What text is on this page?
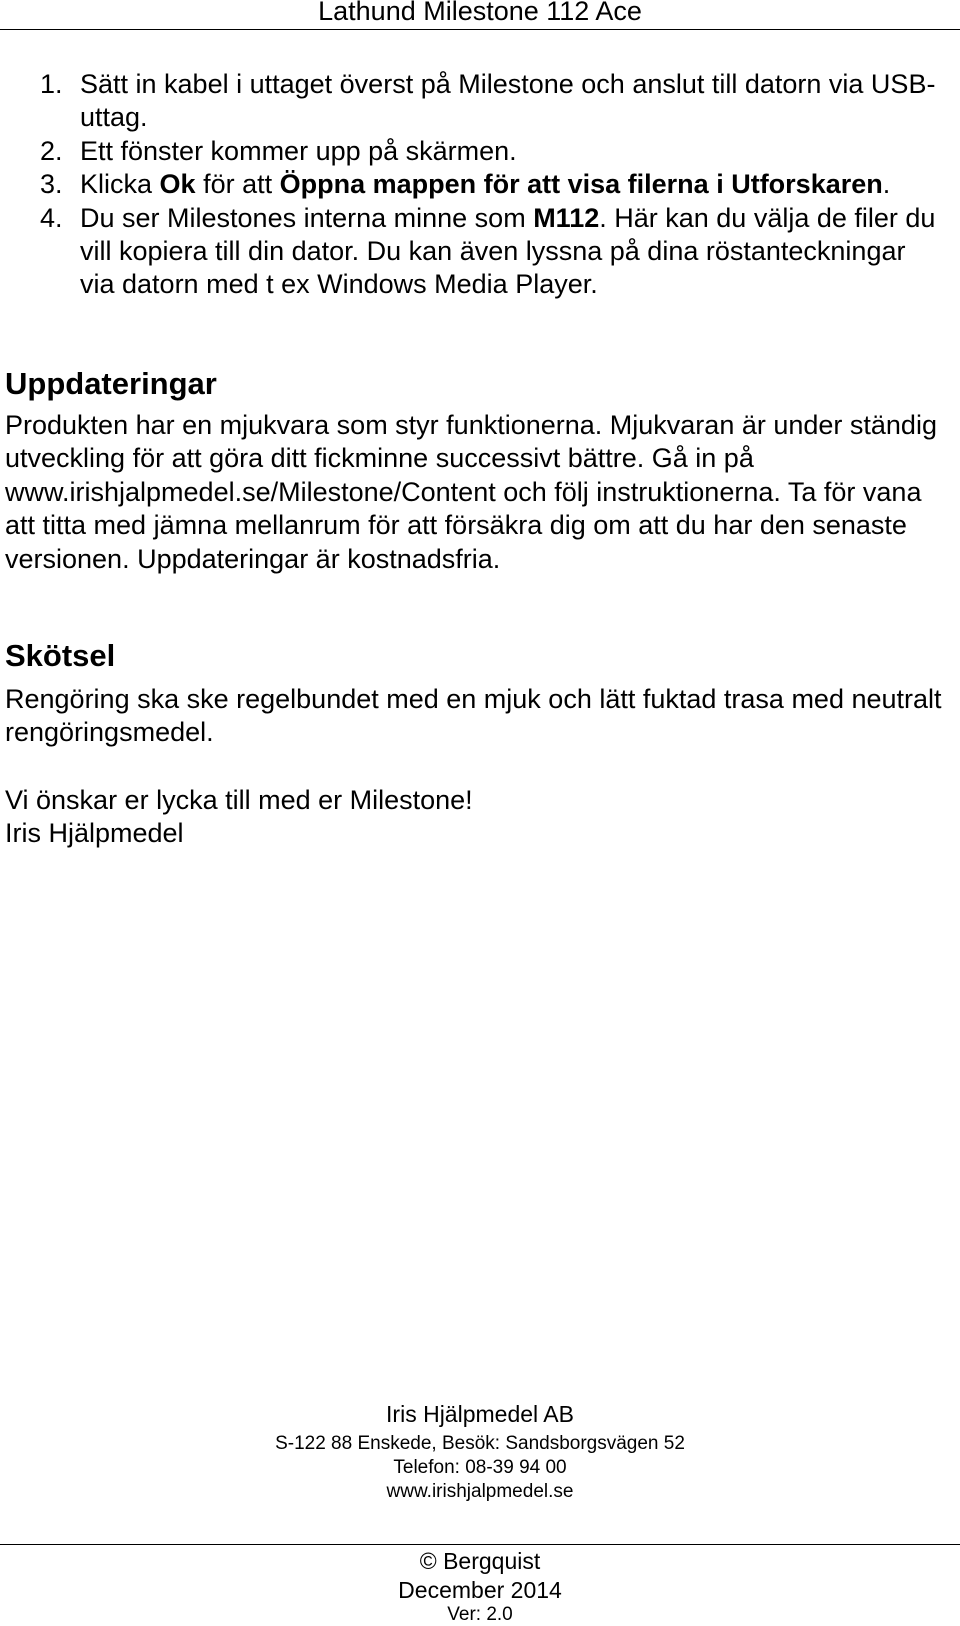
Lathund Milestone 112 Ace
1. Sätt in kabel i uttaget överst på Milestone och anslut till datorn via USB-uttag.
2. Ett fönster kommer upp på skärmen.
3. Klicka Ok för att Öppna mappen för att visa filerna i Utforskaren.
4. Du ser Milestones interna minne som M112. Här kan du välja de filer du vill kopiera till din dator. Du kan även lyssna på dina röstanteckningar via datorn med t ex Windows Media Player.
Uppdateringar
Produkten har en mjukvara som styr funktionerna. Mjukvaran är under ständig utveckling för att göra ditt fickminne successivt bättre. Gå in på www.irishjalpmedel.se/Milestone/Content och följ instruktionerna. Ta för vana att titta med jämna mellanrum för att försäkra dig om att du har den senaste versionen. Uppdateringar är kostnadsfria.
Skötsel
Rengöring ska ske regelbundet med en mjuk och lätt fuktad trasa med neutralt rengöringsmedel.
Vi önskar er lycka till med er Milestone!
Iris Hjälpmedel
Iris Hjälpmedel AB
S-122 88 Enskede, Besök: Sandsborgsvägen 52
Telefon: 08-39 94 00
www.irishjalpmedel.se
© Bergquist
December 2014
Ver: 2.0
